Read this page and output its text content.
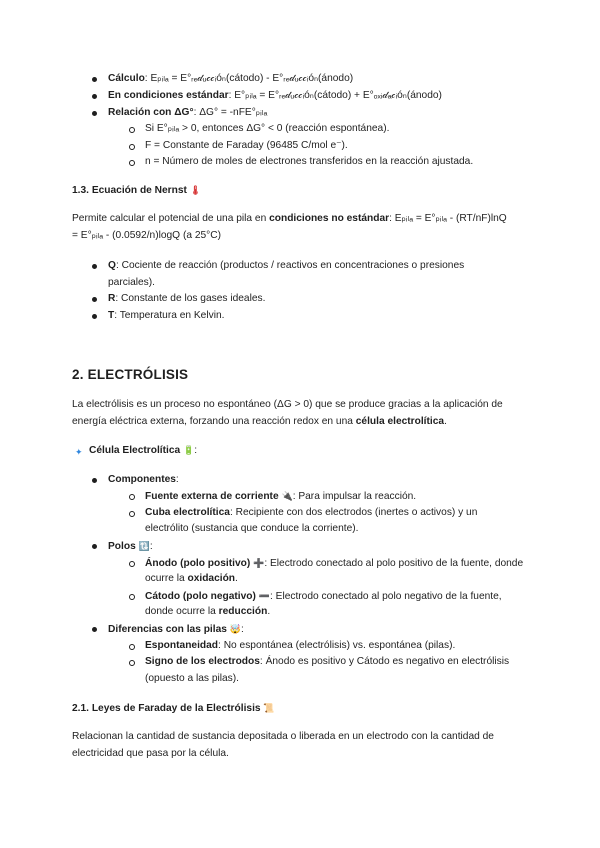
Cálculo: Eₚᵢₗₐ = E°ᵣₑ𝒹ᵤ𝒸𝒸ᵢóₙ(cátodo) - E°ᵣₑ𝒹ᵤ𝒸𝒸ᵢóₙ(ánodo)
En condiciones estándar: E°ₚᵢₗₐ = E°ᵣₑ𝒹ᵤ𝒸𝒸ᵢóₙ(cátodo) + E°ₒₓᵢ𝒹ₐ𝒸ᵢóₙ(ánodo)
Relación con ΔG°: ΔG° = -nFE°ₚᵢₗₐ
Si E°ₚᵢₗₐ > 0, entonces ΔG° < 0 (reacción espontánea).
F = Constante de Faraday (96485 C/mol e⁻).
n = Número de moles de electrones transferidos en la reacción ajustada.
1.3. Ecuación de Nernst 🌡
Permite calcular el potencial de una pila en condiciones no estándar: Eₚᵢₗₐ = E°ₚᵢₗₐ - (RT/nF)lnQ
= E°ₚᵢₗₐ - (0.0592/n)logQ (a 25°C)
Q: Cociente de reacción (productos / reactivos en concentraciones o presiones
parciales).
R: Constante de los gases ideales.
T: Temperatura en Kelvin.
2. ELECTRÓLISIS
La electrólisis es un proceso no espontáneo (ΔG > 0) que se produce gracias a la aplicación de
energía eléctrica externa, forzando una reacción redox en una célula electrolítica.
✦ Célula Electrolítica 🔋:
Componentes:
Fuente externa de corriente 🔌: Para impulsar la reacción.
Cuba electrolítica: Recipiente con dos electrodos (inertes o activos) y un
electrólito (sustancia que conduce la corriente).
Polos 🔃:
Ánodo (polo positivo) ➕: Electrodo conectado al polo positivo de la fuente, donde
ocurre la oxidación.
Cátodo (polo negativo) ➖: Electrodo conectado al polo negativo de la fuente,
donde ocurre la reducción.
Diferencias con las pilas 🤯:
Espontaneidad: No espontánea (electrólisis) vs. espontánea (pilas).
Signo de los electrodos: Ánodo es positivo y Cátodo es negativo en electrólisis
(opuesto a las pilas).
2.1. Leyes de Faraday de la Electrólisis 📜
Relacionan la cantidad de sustancia depositada o liberada en un electrodo con la cantidad de
electricidad que pasa por la célula.
